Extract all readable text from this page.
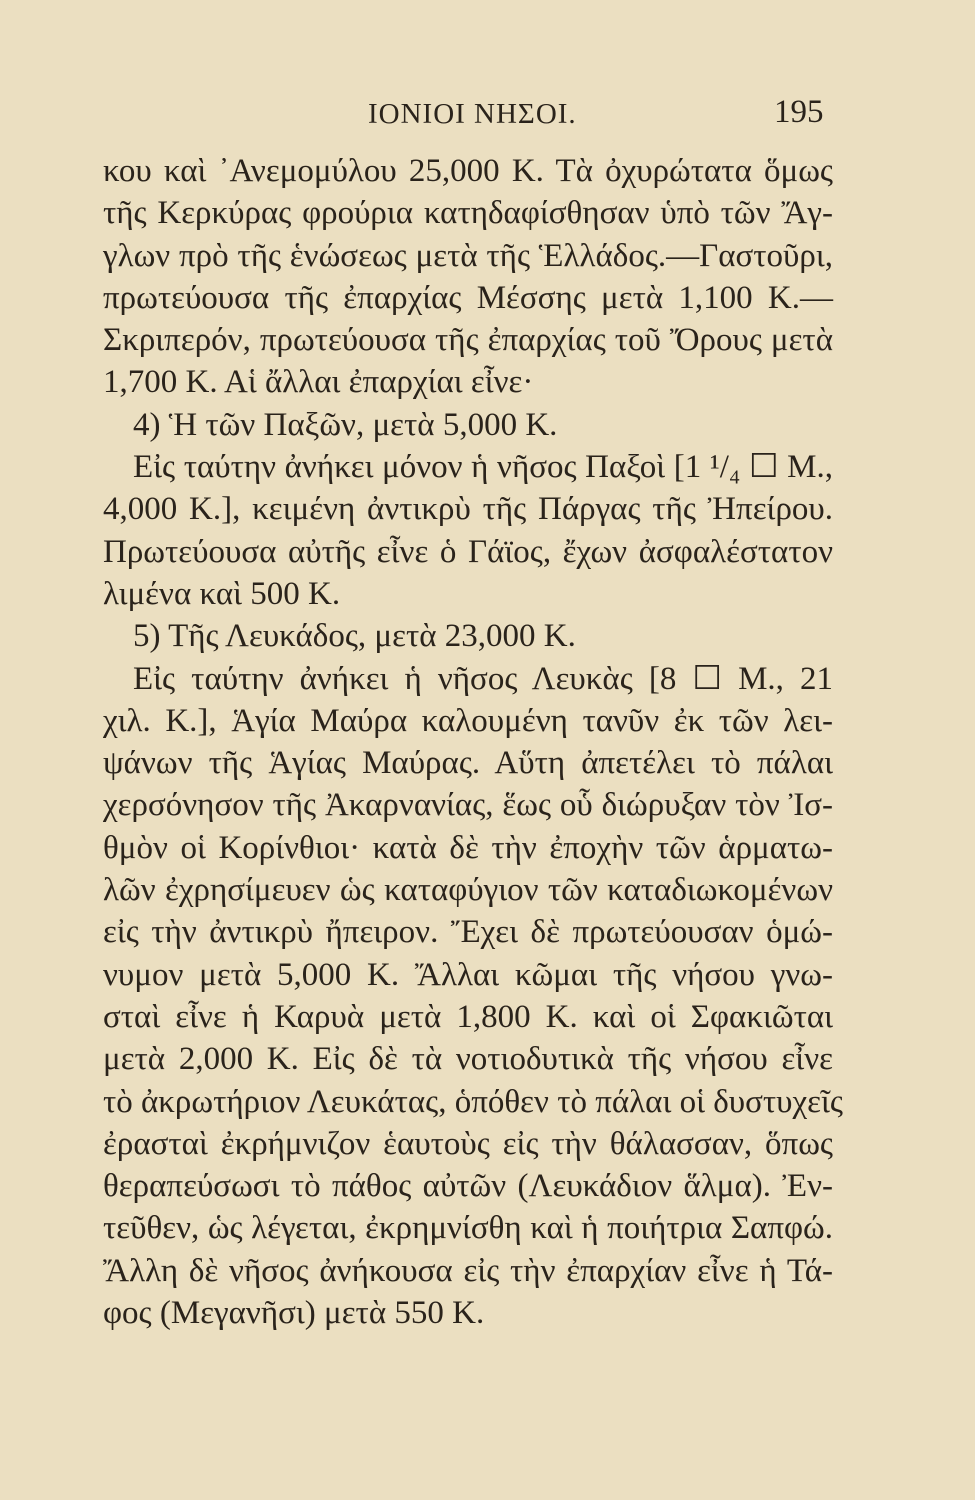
ΙΟΝΙΟΙ ΝΗΣΟΙ.	195
κου καὶ ᾿Ανεμομύλου 25,000 Κ. Τὰ ὀχυρώτατα ὅμως
τῆς Κερκύρας φρούρια κατηδαφίσθησαν ὑπὸ τῶν Ἄγ-
γλων πρὸ τῆς ἑνώσεως μετὰ τῆς Ἑλλάδος.—Γαστοῦρι,
πρωτεύουσα τῆς ἐπαρχίας Μέσσης μετὰ 1,100 Κ.—
Σκριπερόν, πρωτεύουσα τῆς ἐπαρχίας τοῦ Ὄρους μετὰ
1,700 Κ. Αἱ ἄλλαι ἐπαρχίαι εἶνε·
4) Ἡ τῶν Παξῶν, μετὰ 5,000 Κ.
Εἰς ταύτην ἀνήκει μόνον ἡ νῆσος Παξοὶ [1 ¹/₄ ☐ Μ.,
4,000 Κ.], κειμένη ἀντικρὺ τῆς Πάργας τῆς Ἠπείρου.
Πρωτεύουσα αὐτῆς εἶνε ὁ Γάϊος, ἔχων ἀσφαλέστατον
λιμένα καὶ 500 Κ.
5) Τῆς Λευκάδος, μετὰ 23,000 Κ.
Εἰς ταύτην ἀνήκει ἡ νῆσος Λευκὰς [8 ☐ Μ., 21
χιλ. Κ.], Ἁγία Μαύρα καλουμένη τανῦν ἐκ τῶν λει-
ψάνων τῆς Ἁγίας Μαύρας. Αὕτη ἀπετέλει τὸ πάλαι
χερσόνησον τῆς Ἀκαρνανίας, ἕως οὗ διώρυξαν τὸν Ἰσ-
θμὸν οἱ Κορίνθιοι· κατὰ δὲ τὴν ἐποχὴν τῶν ἁρματω-
λῶν ἐχρησίμευεν ὡς καταφύγιον τῶν καταδιωκομένων
εἰς τὴν ἀντικρὺ ἤπειρον. Ἔχει δὲ πρωτεύουσαν ὁμώ-
νυμον μετὰ 5,000 Κ. Ἄλλαι κῶμαι τῆς νήσου γνω-
σταὶ εἶνε ἡ Καρυὰ μετὰ 1,800 Κ. καὶ οἱ Σφακιῶται
μετὰ 2,000 Κ. Εἰς δὲ τὰ νοτιοδυτικὰ τῆς νήσου εἶνε
τὸ ἀκρωτήριον Λευκάτας, ὁπόθεν τὸ πάλαι οἱ δυστυχεῖς
ἐρασταὶ ἐκρήμνιζον ἑαυτοὺς εἰς τὴν θάλασσαν, ὅπως
θεραπεύσωσι τὸ πάθος αὐτῶν (Λευκάδιον ἅλμα). Ἐν-
τεῦθεν, ὡς λέγεται, ἐκρημνίσθη καὶ ἡ ποιήτρια Σαπφώ.
Ἄλλη δὲ νῆσος ἀνήκουσα εἰς τὴν ἐπαρχίαν εἶνε ἡ Τά-
φος (Μεγανῆσι) μετὰ 550 Κ.
